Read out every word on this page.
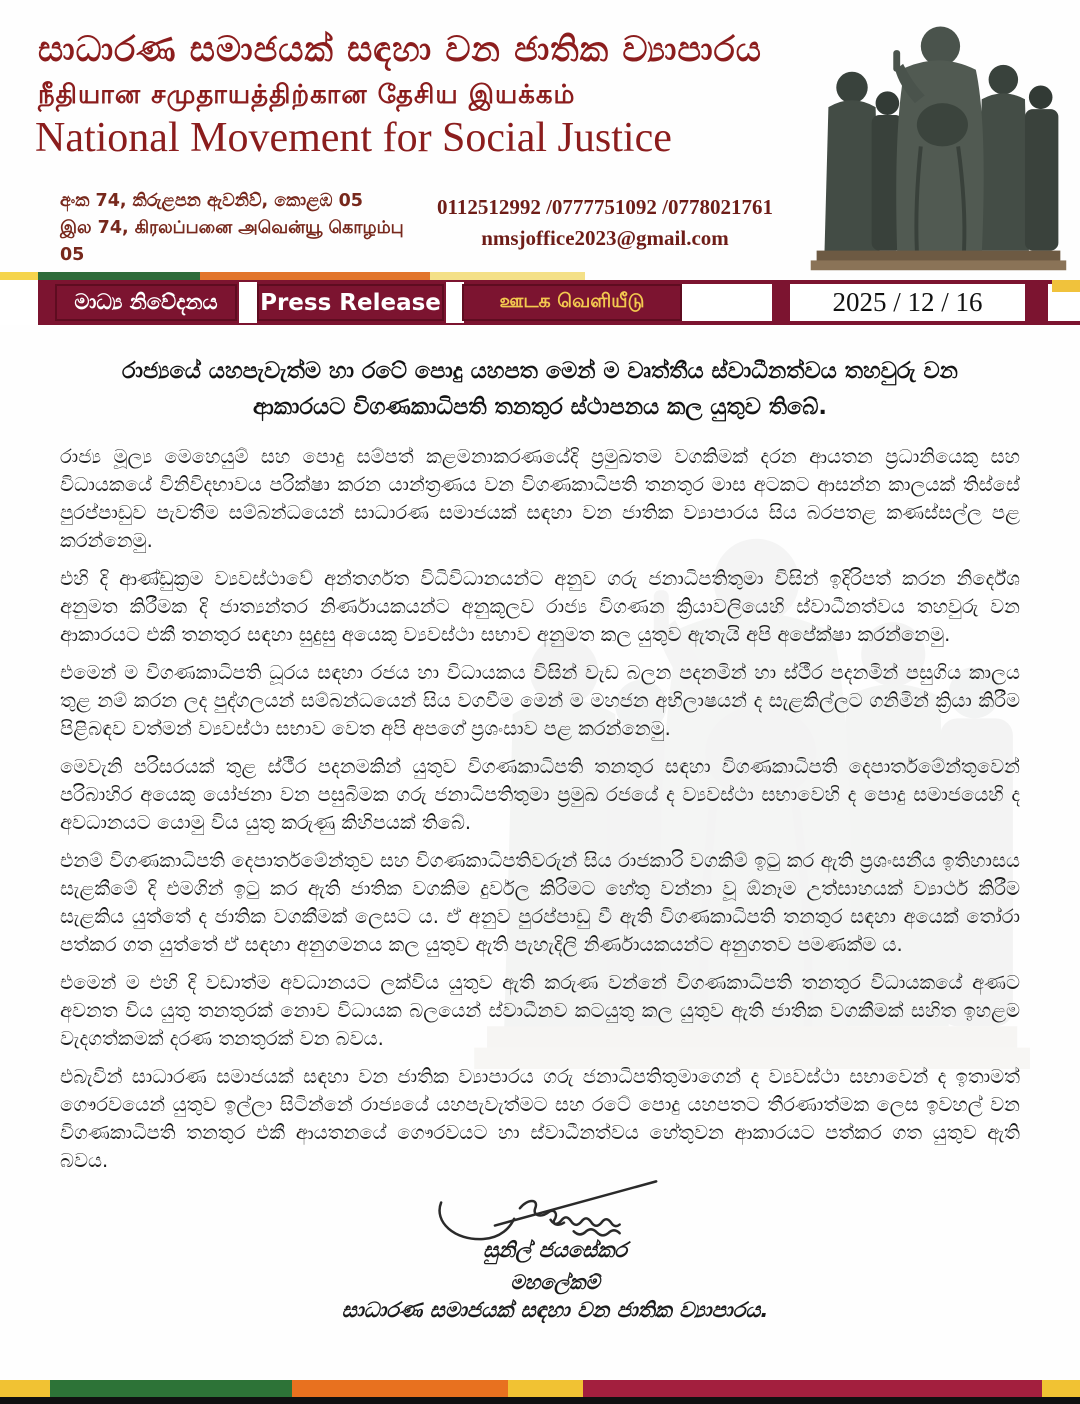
සාධාරණ සමාජයක් සඳහා වන ජාතික ව්‍යාපාරය
நீதியான சமுதாயத்திற்கான தேசிய இயக்கம்
National Movement for Social Justice
අංක 74, කිරුළපන ඇවනිව්, කොළඹ 05
இல 74, கிரலப்பனை அவென்யூ கொழம்பு 05
0112512992 /0777751092 /0778021761
nmsjoffice2023@gmail.com
මාධ්‍ය නිවේදනය	Press Release	ஊடக வெளியீடு	2025 / 12 / 16
රාජ්‍යයේ යහපැවැත්ම හා රටේ පොදු යහපත මෙන් ම වෘත්තීය ස්වාධීනත්වය තහවුරු වන ආකාරයට විගණකාධිපති තනතුර ස්ථාපනය කල යුතුව තිබේ.

රාජ්‍ය මූල්‍ය මෙහෙයුම් සහ පොදු සම්පත් කළමනාකරණයේදි ප්‍රමුඛතම වගකිමක් දරන ආයතන ප්‍රධානියෙකු සහ විධායකයේ විනිවිදභාවය පරික්ෂා කරන යාන්ත්‍රණය වන විගණකාධිපති තනතුර මාස අටකට ආසන්න කාලයක් තිස්සේ පුරප්පාඩුව පැවතීම සම්බන්ධයෙන් සාධාරණ සමාජයක් සඳහා වන ජාතික ව්‍යාපාරය සිය බරපතළ කණස්සල්ල පළ කරන්නෙමු.

එහි දි ආණ්ඩුක්‍රම ව්‍යවස්ථාවේ අන්තර්ගත විධිවිධානයන්ට අනුව ගරු ජනාධිපතිතුමා විසින් ඉදිරිපත් කරන නිර්දේශ අනුමත කිරීමක දි ජාත්‍යන්තර නිර්ණායකයන්ට අනුකූලව රාජ්‍ය විගණන ක්‍රියාවලියෙහි ස්වාධීනත්වය තහවුරු වන ආකාරයට එකී තනතුර සඳහා සුදුසු අයෙකු ව්‍යවස්ථා සභාව අනුමත කල යුතුව ඇතැයි අපි අපේක්ෂා කරන්නෙමු.

එමෙන් ම විගණකාධිපති ධූරය සඳහා රජය හා විධායකය විසින් වැඩ බලන පදනමින් හා ස්ථීර පදනමින් පසුගිය කාලය තුළ නම් කරන ලද පුද්ගලයන් සම්බන්ධයෙන් සිය වගවීම මෙන් ම මහජන අභිලාෂයන් ද සැළකිල්ලට ගනිමින් ක්‍රියා කිරීම පිළිබඳව වත්මන් ව්‍යවස්ථා සභාව වෙත අපි අපගේ ප්‍රශංසාව පළ කරන්නෙමු.

මෙවැනි පරිසරයක් තුළ ස්ථීර පදනමකින් යුතුව විගණකාධිපති තනතුර සඳහා විගණකාධිපති දෙපාර්තමේන්තුවෙන් පරිබාහිර අයෙකු යෝජනා වන පසුබිමක ගරු ජනාධිපතිතුමා ප්‍රමුඛ රජයේ ද ව්‍යවස්ථා සභාවෙහි ද පොදු සමාජයෙහි ද අවධානයට යොමු විය යුතු කරුණු කිහිපයක් තිබේ.

එනම් විගණකාධිපති දෙපාර්තමේන්තුව සහ විගණකාධිපතිවරුන් සිය රාජකාරි වගකිම් ඉටු කර ඇති ප්‍රශංසනීය ඉතිහාසය සැළකීමේ දි එමගින් ඉටු කර ඇති ජාතික වගකිම දුර්වල කිරිමට හේතු වන්නා වූ ඕනෑම උත්සාහයක් ව්‍යාර්ථ කිරීම සැළකිය යුත්තේ ද ජාතික වගකීමක් ලෙසට ය. ඒ අනුව පුරප්පාඩු වී ඇති විගණකාධිපති තනතුර සඳහා අයෙක් තෝරා පත්කර ගත යුත්තේ ඒ සඳහා අනුගමනය කල යුතුව ඇති පැහැදිලි නිර්ණායකයන්ට අනුගතව පමණක්ම ය.

එමෙන් ම එහි දි වඩාත්ම අවධානයට ලක්විය යුතුව ඇති කරුණ වන්නේ විගණකාධිපති තනතුර විධායකයේ අණට අවනත විය යුතු තනතුරක් නොව විධායක බලයෙන් ස්වාධීනව කටයුතු කල යුතුව ඇති ජාතික වගකීමක් සහිත ඉහළම වැදගත්කමක් දරණ තනතුරක් වන බවය.

එබැවින් සාධාරණ සමාජයක් සඳහා වන ජාතික ව්‍යාපාරය ගරු ජනාධිපතිතුමාගෙන් ද ව්‍යවස්ථා සභාවෙන් ද ඉතාමත් ගෞරවයෙන් යුතුව ඉල්ලා සිටින්නේ රාජ්‍යයේ යහපැවැත්මට සහ රටේ පොදු යහපතට තීරණාත්මක ලෙස ඉවහල් වන විගණකාධිපති තනතුර එකී ආයතනයේ ගෞරවයට හා ස්වාධීනත්වය හේතුවන ආකාරයට පත්කර ගත යුතුව ඇති බවය.

සුනිල් ජයසේකර
මහලේකම්
සාධාරණ සමාජයක් සඳහා වන ජාතික ව්‍යාපාරය.
